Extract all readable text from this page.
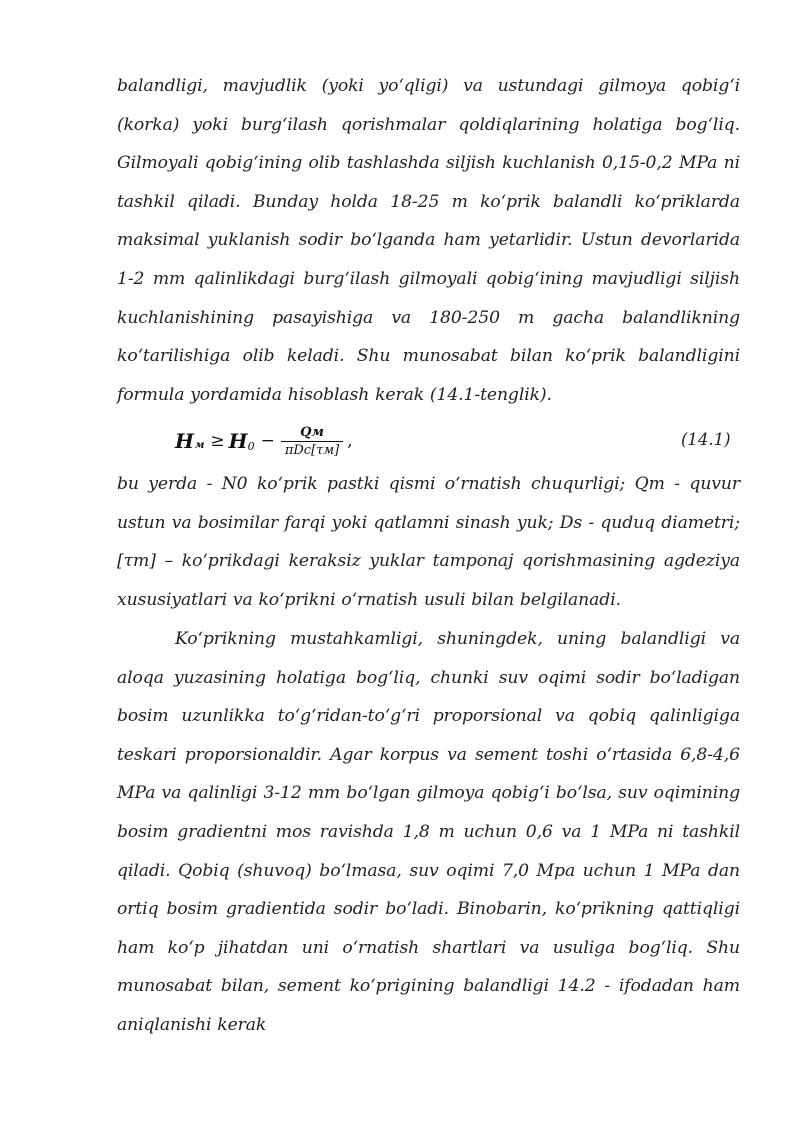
balandligi, mavjudlik (yoki yo‘qligi) va ustundagi gilmoya qobig‘i (korka) yoki burg‘ilash qorishmalar qoldiqlarining holatiga bog‘liq. Gilmoyali qobig‘ining olib tashlashda siljish kuchlanish 0,15-0,2 MPa ni tashkil qiladi. Bunday holda 18-25 m ko‘prik balandli ko‘priklarda maksimal yuklanish sodir bo‘lganda ham yetarlidir. Ustun devorlarida 1-2 mm qalinlikdagi burg‘ilash gilmoyali qobig‘ining mavjudligi siljish kuchlanishining pasayishiga va 180-250 m gacha balandlikning ko‘tarilishiga olib keladi. Shu munosabat bilan ko‘prik balandligini formula yordamida hisoblash kerak (14.1-tenglik).

H м ≥ H $0 - \frac{Qм}{\text{πDс[τм]}}$ ,	(14.1)

bu yerda - N0 ko‘prik pastki qismi o‘rnatish chuqurligi; Qm - quvur ustun va bosimilar farqi yoki qatlamni sinash yuk; Ds - quduq diametri; [τm] – ko‘prikdagi keraksiz yuklar tamponaj qorishmasining agdeziya xususiyatlari va ko‘prikni o‘rnatish usuli bilan belgilanadi.

Ko‘prikning mustahkamligi, shuningdek, uning balandligi va aloqa yuzasining holatiga bog‘liq, chunki suv oqimi sodir bo‘ladigan bosim uzunlikka to‘g‘ridan-to‘g‘ri proporsional va qobiq qalinligiga teskari proporsionaldir. Agar korpus va sement toshi o‘rtasida 6,8-4,6 MPa va qalinligi 3-12 mm bo‘lgan gilmoya qobig‘i bo‘lsa, suv oqimining bosim gradientni mos ravishda 1,8 m uchun 0,6 va 1 MPa ni tashkil qiladi. Qobiq (shuvoq) bo‘lmasa, suv oqimi 7,0 Mpa uchun 1 MPa dan ortiq bosim gradientida sodir bo‘ladi. Binobarin, ko‘prikning qattiqligi ham ko‘p jihatdan uni o‘rnatish shartlari va usuliga bog‘liq. Shu munosabat bilan, sement ko‘prigining balandligi 14.2 - ifodadan ham aniqlanishi kerak
